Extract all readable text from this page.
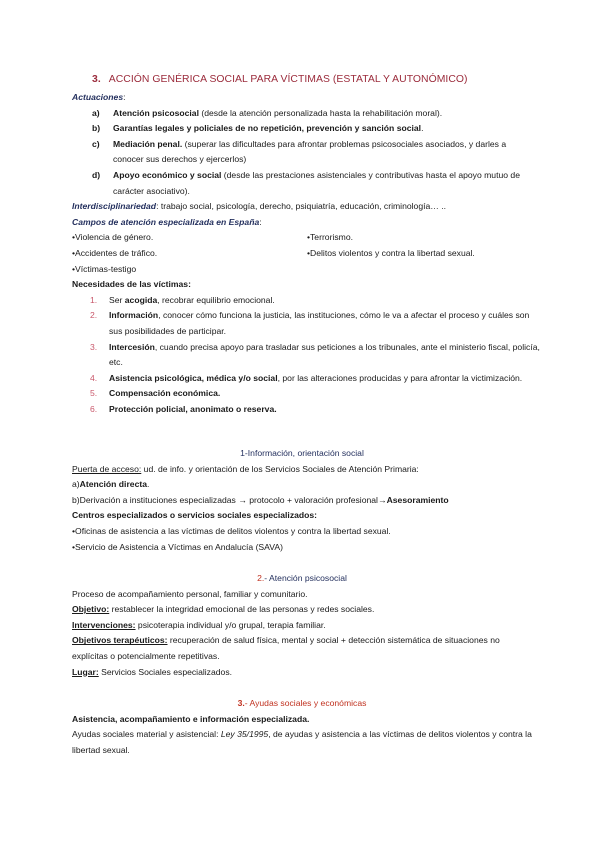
3. ACCIÓN GENÉRICA SOCIAL PARA VÍCTIMAS (ESTATAL Y AUTONÓMICO)
Actuaciones:
a) Atención psicosocial (desde la atención personalizada hasta la rehabilitación moral).
b) Garantías legales y policiales de no repetición, prevención y sanción social.
c) Mediación penal. (superar las dificultades para afrontar problemas psicosociales asociados, y darles a conocer sus derechos y ejercerlos)
d) Apoyo económico y social (desde las prestaciones asistenciales y contributivas hasta el apoyo mutuo de carácter asociativo).
Interdisciplinariedad: trabajo social, psicología, derecho, psiquiatría, educación, criminología… ..
Campos de atención especializada en España:
•Violencia de género.
•Accidentes de tráfico.
•Víctimas-testigo
•Terrorismo.
•Delitos violentos y contra la libertad sexual.
Necesidades de las víctimas:
1. Ser acogida, recobrar equilibrio emocional.
2. Información, conocer cómo funciona la justicia, las instituciones, cómo le va a afectar el proceso y cuáles son sus posibilidades de participar.
3. Intercesión, cuando precisa apoyo para trasladar sus peticiones a los tribunales, ante el ministerio fiscal, policía, etc.
4. Asistencia psicológica, médica y/o social, por las alteraciones producidas y para afrontar la victimización.
5. Compensación económica.
6. Protección policial, anonimato o reserva.
1-Información, orientación social
Puerta de acceso: ud. de info. y orientación de los Servicios Sociales de Atención Primaria:
a)Atención directa.
b)Derivación a instituciones especializadas → protocolo + valoración profesional→Asesoramiento
Centros especializados o servicios sociales especializados:
•Oficinas de asistencia a las víctimas de delitos violentos y contra la libertad sexual.
•Servicio de Asistencia a Víctimas en Andalucía (SAVA)
2.- Atención psicosocial
Proceso de acompañamiento personal, familiar y comunitario.
Objetivo: restablecer la integridad emocional de las personas y redes sociales.
Intervenciones: psicoterapia individual y/o grupal, terapia familiar.
Objetivos terapéuticos: recuperación de salud física, mental y social + detección sistemática de situaciones no explícitas o potencialmente repetitivas.
Lugar: Servicios Sociales especializados.
3.- Ayudas sociales y económicas
Asistencia, acompañamiento e información especializada.
Ayudas sociales material y asistencial: Ley 35/1995, de ayudas y asistencia a las víctimas de delitos violentos y contra la libertad sexual.
